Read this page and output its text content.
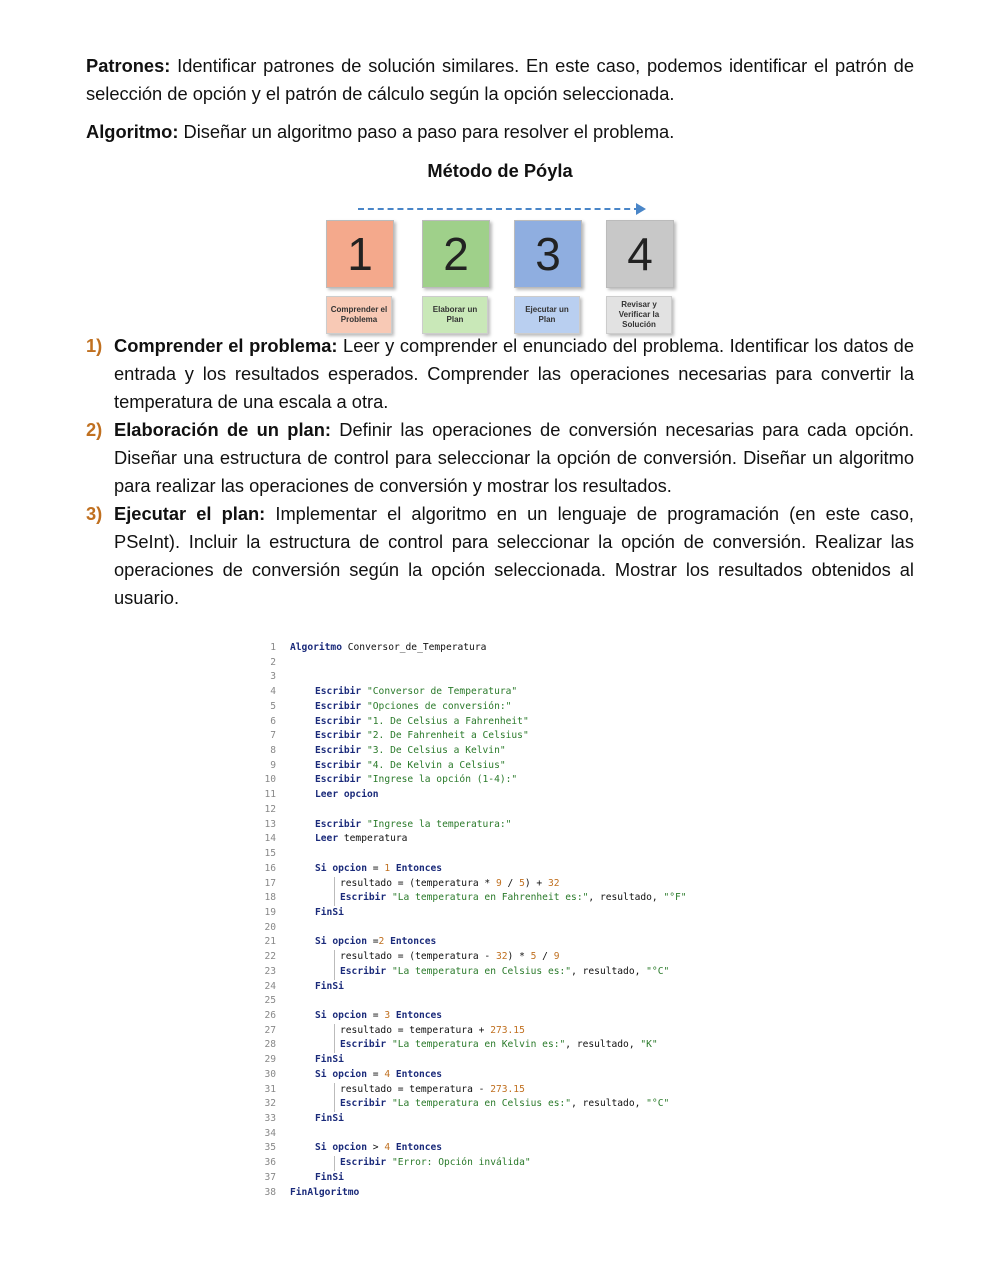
Patrones: Identificar patrones de solución similares. En este caso, podemos identificar el patrón de selección de opción y el patrón de cálculo según la opción seleccionada.

Algoritmo: Diseñar un algoritmo paso a paso para resolver el problema.

Método de Póyla
1
Comprender el Problema
2
Elaborar un Plan
3
Ejecutar un Plan
4
Revisar y Verificar la Solución
1) Comprender el problema: Leer y comprender el enunciado del problema. Identificar los datos de entrada y los resultados esperados. Comprender las operaciones necesarias para convertir la temperatura de una escala a otra.
2) Elaboración de un plan: Definir las operaciones de conversión necesarias para cada opción. Diseñar una estructura de control para seleccionar la opción de conversión. Diseñar un algoritmo para realizar las operaciones de conversión y mostrar los resultados.
3) Ejecutar el plan: Implementar el algoritmo en un lenguaje de programación (en este caso, PSeInt). Incluir la estructura de control para seleccionar la opción de conversión. Realizar las operaciones de conversión según la opción seleccionada. Mostrar los resultados obtenidos al usuario.
1 Algoritmo Conversor_de_Temperatura
2
3
4	Escribir "Conversor de Temperatura"
5	Escribir "Opciones de conversión:"
6	Escribir "1. De Celsius a Fahrenheit"
7	Escribir "2. De Fahrenheit a Celsius"
8	Escribir "3. De Celsius a Kelvin"
9	Escribir "4. De Kelvin a Celsius"
10	Escribir "Ingrese la opción (1-4):"
11	Leer opcion
12
13	Escribir "Ingrese la temperatura:"
14	Leer temperatura
15
16	Si opcion = 1 Entonces
17	resultado = (temperatura * 9 / 5) + 32
18	Escribir "La temperatura en Fahrenheit es:", resultado, "°F"
19	FinSi
20
21	Si opcion =2 Entonces
22	resultado = (temperatura - 32) * 5 / 9
23	Escribir "La temperatura en Celsius es:", resultado, "°C"
24	FinSi
25
26	Si opcion = 3 Entonces
27	resultado = temperatura + 273.15
28	Escribir "La temperatura en Kelvin es:", resultado, "K"
29	FinSi
30	Si opcion = 4 Entonces
31	resultado = temperatura - 273.15
32	Escribir "La temperatura en Celsius es:", resultado, "°C"
33	FinSi
34
35	Si opcion > 4 Entonces
36	Escribir "Error: Opción inválida"
37	FinSi
38 FinAlgoritmo
